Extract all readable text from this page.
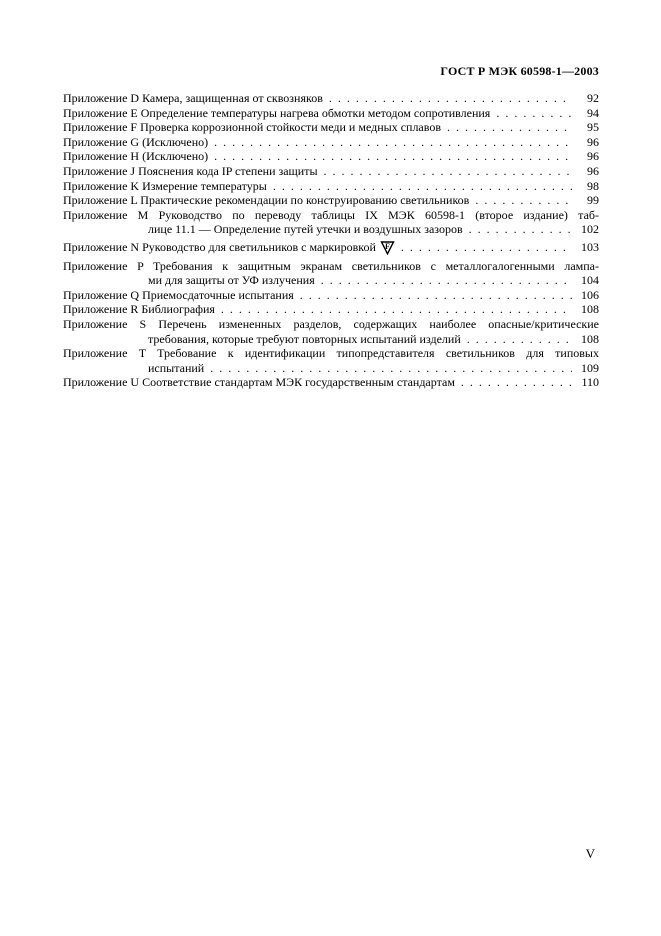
ГОСТ Р МЭК 60598-1—2003
Приложение D Камера, защищенная от сквозняков . . .	92
Приложение E Определение температуры нагрева обмотки методом сопротивления . . .	94
Приложение F Проверка коррозионной стойкости меди и медных сплавов . . .	95
Приложение G (Исключено) . . .	96
Приложение H (Исключено) . . .	96
Приложение J Пояснения кода IP степени защиты . . .	96
Приложение K Измерение температуры . . .	98
Приложение L Практические рекомендации по конструированию светильников . . .	99
Приложение M Руководство по переводу таблицы IX МЭК 60598-1 (второе издание) таб-
лице 11.1 — Определение путей утечки и воздушных зазоров . . .	102
Приложение N Руководство для светильников с маркировкой F . . .	103
Приложение P Требования к защитным экранам светильников с металлогалогенными лампа-
ми для защиты от УФ излучения . . .	104
Приложение Q Приемосдаточные испытания . . .	106
Приложение R Библиография . . .	108
Приложение S Перечень измененных разделов, содержащих наиболее опасные/критические
требования, которые требуют повторных испытаний изделий . . .	108
Приложение T Требование к идентификации типопредставителя светильников для типовых
испытаний . . .	109
Приложение U Соответствие стандартам МЭК государственным стандартам . . .	110
V
